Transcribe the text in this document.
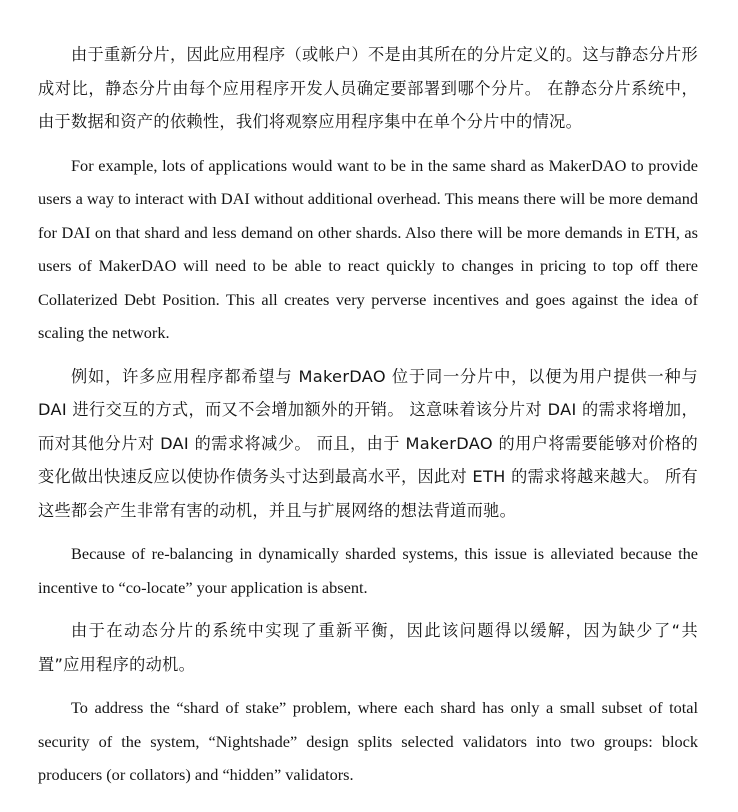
由于重新分片，因此应用程序（或帐户）不是由其所在的分片定义的。这与静态分片形成对比，静态分片由每个应用程序开发人员确定要部署到哪个分片。 在静态分片系统中，由于数据和资产的依赖性，我们将观察应用程序集中在单个分片中的情况。

For example, lots of applications would want to be in the same shard as MakerDAO to provide users a way to interact with DAI without additional overhead. This means there will be more demand for DAI on that shard and less demand on other shards. Also there will be more demands in ETH, as users of MakerDAO will need to be able to react quickly to changes in pricing to top off there Collaterized Debt Position. This all creates very perverse incentives and goes against the idea of scaling the network.

例如，许多应用程序都希望与 MakerDAO 位于同一分片中，以便为用户提供一种与 DAI 进行交互的方式，而又不会增加额外的开销。 这意味着该分片对 DAI 的需求将增加，而对其他分片对 DAI 的需求将减少。 而且，由于 MakerDAO 的用户将需要能够对价格的变化做出快速反应以使协作债务头寸达到最高水平，因此对 ETH 的需求将越来越大。 所有这些都会产生非常有害的动机，并且与扩展网络的想法背道而驰。

Because of re-balancing in dynamically sharded systems, this issue is alleviated because the incentive to “co-locate” your application is absent.

由于在动态分片的系统中实现了重新平衡，因此该问题得以缓解，因为缺少了“共置”应用程序的动机。

To address the “shard of stake” problem, where each shard has only a small subset of total security of the system, “Nightshade” design splits selected validators into two groups: block producers (or collators) and “hidden” validators.
